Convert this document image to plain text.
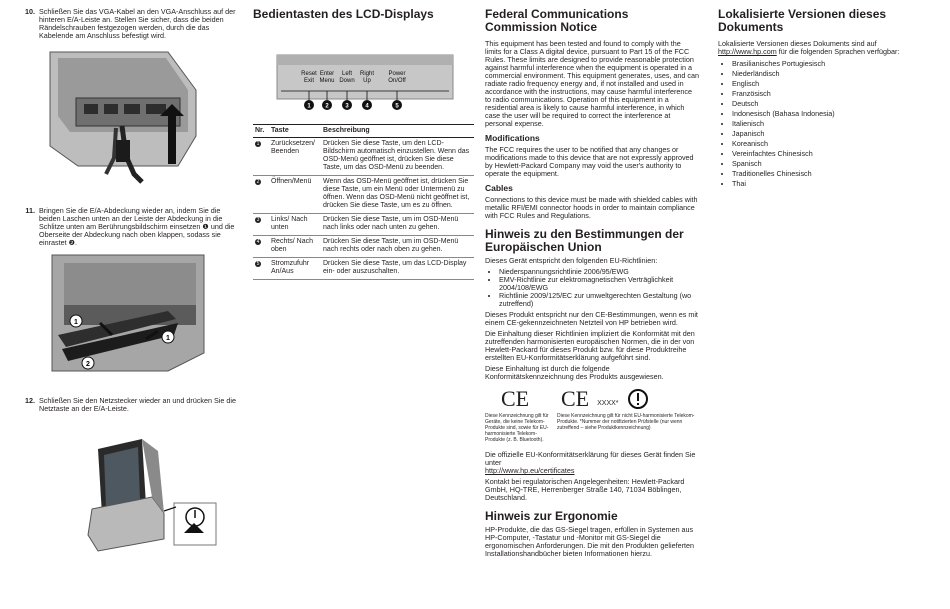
10. Schließen Sie das VGA-Kabel an den VGA-Anschluss auf der hinteren E/A-Leiste an. Stellen Sie sicher, dass die beiden Rändelschrauben festgezogen werden, durch die das Kabelende am Anschluss befestigt wird.
11. Bringen Sie die E/A-Abdeckung wieder an, indem Sie die beiden Laschen unten an der Leiste der Abdeckung in die Schlitze unten am Berührungsbildschirm einsetzen ❶ und die Oberseite der Abdeckung nach oben klappen, sodass sie einrastet ❷.
1
2
1
12. Schließen Sie den Netzstecker wieder an und drücken Sie die Netztaste an der E/A-Leiste.
Bedientasten des LCD-Displays
Reset
Exit
Enter
Menu
Left
Down
Right
Up
Power
On/Off
1 2	3	4	5
Nr.	Taste	Beschreibung
1	Zurücksetzen/ Beenden	Drücken Sie diese Taste, um den LCD-Bildschirm automatisch einzustellen. Wenn das OSD-Menü geöffnet ist, drücken Sie diese Taste, um das OSD-Menü zu beenden.
2	Öffnen/Menü	Wenn das OSD-Menü geöffnet ist, drücken Sie diese Taste, um ein Menü oder Untermenü zu öffnen. Wenn das OSD-Menü nicht geöffnet ist, drücken Sie diese Taste, um es zu öffnen.
3	Links/ Nach unten	Drücken Sie diese Taste, um im OSD-Menü nach links oder nach unten zu gehen.
4	Rechts/ Nach oben	Drücken Sie diese Taste, um im OSD-Menü nach rechts oder nach oben zu gehen.
5	Stromzufuhr An/Aus	Drücken Sie diese Taste, um das LCD-Display ein- oder auszuschalten.
Federal Communications Commission Notice

This equipment has been tested and found to comply with the limits for a Class A digital device, pursuant to Part 15 of the FCC Rules. These limits are designed to provide reasonable protection against harmful interference when the equipment is operated in a commercial environment. This equipment generates, uses, and can radiate radio frequency energy and, if not installed and used in accordance with the instructions, may cause harmful interference to radio communications. Operation of this equipment in a residential area is likely to cause harmful interference, in which case the user will be required to correct the interference at personal expense.

Modifications

The FCC requires the user to be notified that any changes or modifications made to this device that are not expressly approved by Hewlett-Packard Company may void the user's authority to operate the equipment.

Cables

Connections to this device must be made with shielded cables with metallic RFI/EMI connector hoods in order to maintain compliance with FCC Rules and Regulations.

Hinweis zu den Bestimmungen der Europäischen Union

Dieses Gerät entspricht den folgenden EU-Richtlinien:

• Niederspannungsrichtlinie 2006/95/EWG
• EMV-Richtlinie zur elektromagnetischen Verträglichkeit 2004/108/EWG
• Richtlinie 2009/125/EC zur umweltgerechten Gestaltung (wo zutreffend)

Dieses Produkt entspricht nur den CE-Bestimmungen, wenn es mit einem CE-gekennzeichneten Netzteil von HP betrieben wird.

Die Einhaltung dieser Richtlinien impliziert die Konformität mit den zutreffenden harmonisierten europäischen Normen, die in der von Hewlett-Packard für dieses Produkt bzw. für diese Produktreihe erstellten EU-Konformitätserklärung aufgeführt sind.

Diese Einhaltung ist durch die folgende Konformitätskennzeichnung des Produkts ausgewiesen.

CE
Diese Kennzeichnung gilt für Geräte, die keine Telekom-Produkte sind, sowie für EU-harmonisierte Telekom-Produkte (z. B. Bluetooth).
CE XXXX*
Diese Kennzeichnung gilt für nicht EU-harmonisierte Telekom-Produkte. *Nummer der notifizierten Prüfstelle (nur wenn zutreffend – siehe Produktkennzeichnung)

Die offizielle EU-Konformitätserklärung für dieses Gerät finden Sie unter
http://www.hp.eu/certificates

Kontakt bei regulatorischen Angelegenheiten: Hewlett-Packard GmbH, HQ-TRE, Herrenberger Straße 140, 71034 Böblingen, Deutschland.

Hinweis zur Ergonomie

HP-Produkte, die das GS-Siegel tragen, erfüllen in Systemen aus HP-Computer, -Tastatur und -Monitor mit GS-Siegel die ergonomischen Anforderungen. Die mit den Produkten gelieferten Installationshandbücher bieten Informationen hierzu.

Lokalisierte Versionen dieses Dokuments

Lokalisierte Versionen dieses Dokuments sind auf http://www.hp.com für die folgenden Sprachen verfügbar:

• Brasilianisches Portugiesisch
• Niederländisch
• Englisch
• Französisch
• Deutsch
• Indonesisch (Bahasa Indonesia)
• Italienisch
• Japanisch
• Koreanisch
• Vereinfachtes Chinesisch
• Spanisch
• Traditionelles Chinesisch
• Thai
